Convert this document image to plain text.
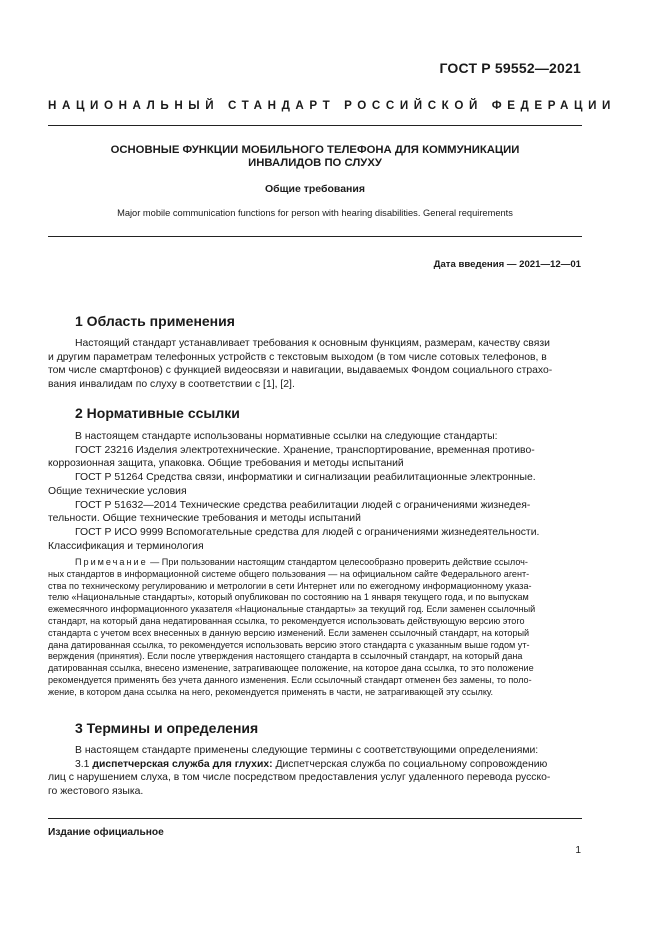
ГОСТ Р 59552—2021
НАЦИОНАЛЬНЫЙ СТАНДАРТ РОССИЙСКОЙ ФЕДЕРАЦИИ
ОСНОВНЫЕ ФУНКЦИИ МОБИЛЬНОГО ТЕЛЕФОНА ДЛЯ КОММУНИКАЦИИ
ИНВАЛИДОВ ПО СЛУХУ
Общие требования
Major mobile communication functions for person with hearing disabilities. General requirements
Дата введения — 2021—12—01
1 Область применения
Настоящий стандарт устанавливает требования к основным функциям, размерам, качеству связи
и другим параметрам телефонных устройств с текстовым выходом (в том числе сотовых телефонов, в
том числе смартфонов) с функцией видеосвязи и навигации, выдаваемых Фондом социального страхо-
вания инвалидам по слуху в соответствии с [1], [2].
2 Нормативные ссылки
В настоящем стандарте использованы нормативные ссылки на следующие стандарты:
ГОСТ 23216 Изделия электротехнические. Хранение, транспортирование, временная противо-
коррозионная защита, упаковка. Общие требования и методы испытаний
ГОСТ Р 51264 Средства связи, информатики и сигнализации реабилитационные электронные.
Общие технические условия
ГОСТ Р 51632—2014 Технические средства реабилитации людей с ограничениями жизнедея-
тельности. Общие технические требования и методы испытаний
ГОСТ Р ИСО 9999 Вспомогательные средства для людей с ограничениями жизнедеятельности.
Классификация и терминология
Примечание — При пользовании настоящим стандартом целесообразно проверить действие ссылоч-
ных стандартов в информационной системе общего пользования — на официальном сайте Федерального агент-
ства по техническому регулированию и метрологии в сети Интернет или по ежегодному информационному указа-
телю «Национальные стандарты», который опубликован по состоянию на 1 января текущего года, и по выпускам
ежемесячного информационного указателя «Национальные стандарты» за текущий год. Если заменен ссылочный
стандарт, на который дана недатированная ссылка, то рекомендуется использовать действующую версию этого
стандарта с учетом всех внесенных в данную версию изменений. Если заменен ссылочный стандарт, на который
дана датированная ссылка, то рекомендуется использовать версию этого стандарта с указанным выше годом ут-
верждения (принятия). Если после утверждения настоящего стандарта в ссылочный стандарт, на который дана
датированная ссылка, внесено изменение, затрагивающее положение, на которое дана ссылка, то это положение
рекомендуется применять без учета данного изменения. Если ссылочный стандарт отменен без замены, то поло-
жение, в котором дана ссылка на него, рекомендуется применять в части, не затрагивающей эту ссылку.
3 Термины и определения
В настоящем стандарте применены следующие термины с соответствующими определениями:
3.1 диспетчерская служба для глухих: Диспетчерская служба по социальному сопровождению
лиц с нарушением слуха, в том числе посредством предоставления услуг удаленного перевода русско-
го жестового языка.
Издание официальное
1
